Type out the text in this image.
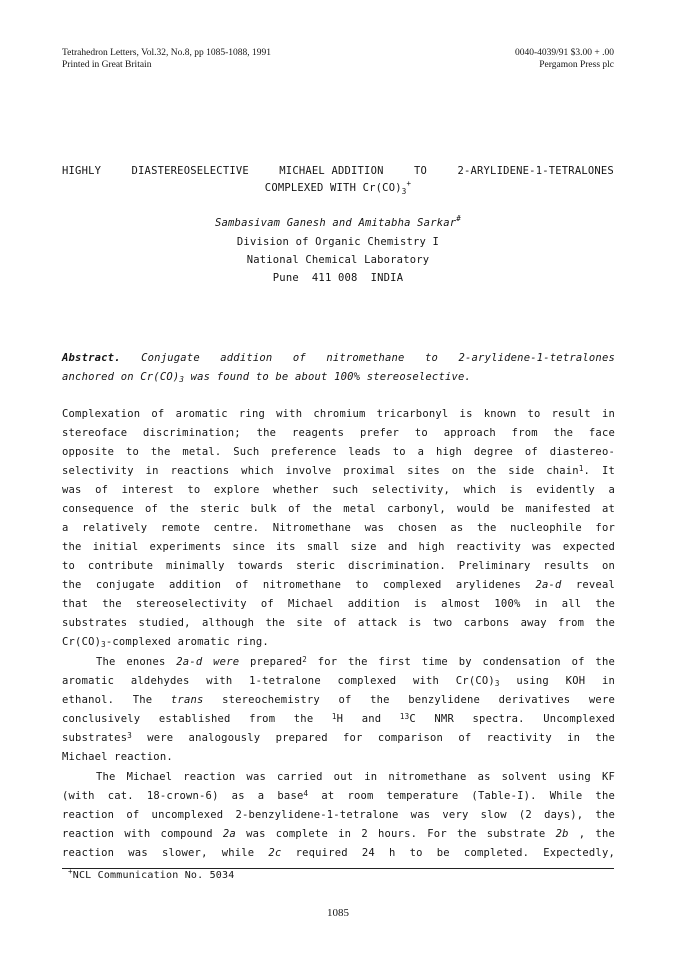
Tetrahedron Letters, Vol.32, No.8, pp 1085-1088, 1991
Printed in Great Britain
0040-4039/91 $3.00 + .00
Pergamon Press plc
HIGHLY	DIASTEREOSELECTIVE	MICHAEL ADDITION	TO	2-ARYLIDENE-1-TETRALONES
COMPLEXED WITH $Cr(CO)_3^+$
Sambasivam Ganesh and Amitabha Sarkar#
Division of Organic Chemistry I
National Chemical Laboratory
Pune  411 008  INDIA
Abstract. Conjugate addition of nitromethane to 2-arylidene-1-tetralones
anchored on $Cr(CO)_3$ was found to be about 100% stereoselective.
Complexation of aromatic ring with chromium tricarbonyl is known to result in
stereoface discrimination; the reagents prefer to approach from the face
opposite to the metal. Such preference leads to a high degree of diastereo-
selectivity in reactions which involve proximal sites on the side chain$^1$. It
was of interest to explore whether such selectivity, which is evidently a
consequence of the steric bulk of the metal carbonyl, would be manifested at
a relatively remote centre. Nitromethane was chosen as the nucleophile for
the initial experiments since its small size and high reactivity was expected
to contribute minimally towards steric discrimination. Preliminary results on
the conjugate addition of nitromethane to complexed arylidenes 2a-d reveal
that the stereoselectivity of Michael addition is almost 100% in all the
substrates studied, although the site of attack is two carbons away from the
$Cr(CO)_3$-complexed aromatic ring.
The enones 2a-d were prepared$^2$ for the first time by condensation of the
aromatic aldehydes with 1-tetralone complexed with $Cr(CO)_3$ using KOH in
ethanol. The trans stereochemistry of the benzylidene derivatives were
conclusively established from the $^1$H and $^{13}$C NMR spectra. Uncomplexed
substrates$^3$ were analogously prepared for comparison of reactivity in the
Michael reaction.
The Michael reaction was carried out in nitromethane as solvent using KF
(with cat. 18-crown-6) as a base$^4$ at room temperature (Table-I). While the
reaction of uncomplexed 2-benzylidene-1-tetralone was very slow (2 days), the
reaction with compound 2a was complete in 2 hours. For the substrate 2b , the
reaction was slower, while 2c required 24 h to be completed. Expectedly,
+NCL Communication No. 5034
1085
